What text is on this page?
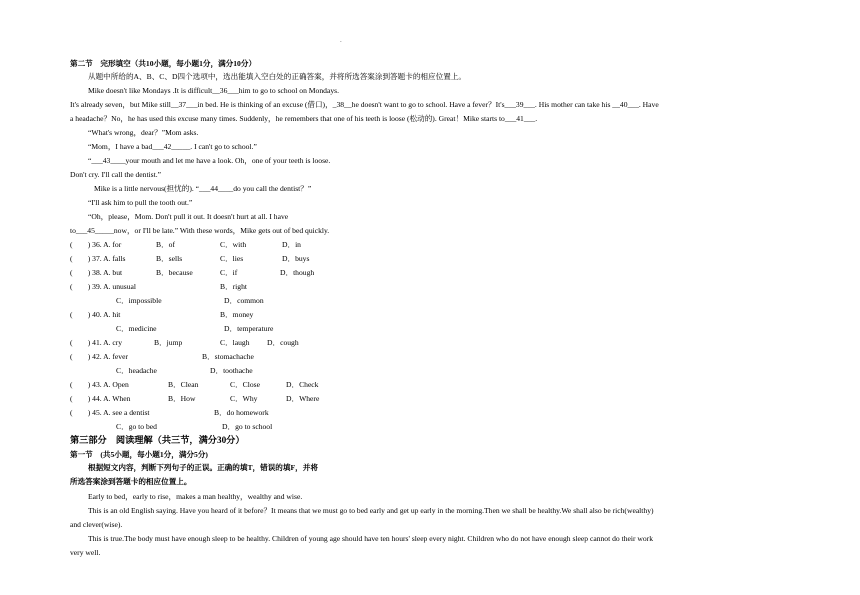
.
第二节　完形填空（共10小题，每小题1分，满分10分）
从题中所给的A、B、C、D四个选项中，选出能填入空白处的正确答案，并将所选答案涂到答题卡的相应位置上。
Mike doesn't like Mondays .It is difficult__36___him to go to school on Mondays.
It's already seven，but Mike still__37___in bed. He is thinking of an excuse (借口)，_38__he doesn't want to go to school. Have a fever？It's___39___. His mother can take his __40___. Have
a headache？No，he has used this excuse many times. Suddenly，he remembers that one of his teeth is loose (松动的). Great！Mike starts to___41___.
“What's wrong，dear？”Mom asks.
“Mom，I have a bad___42_____. I can't go to school.”
“___43____your mouth and let me have a look. Oh，one of your teeth is loose.
Don't cry. I'll call the dentist.”
Mike is a little nervous(担忧的). “___44____do you call the dentist？”
“I'll ask him to pull the tooth out.”
“Oh，please，Mom. Don't pull it out. It doesn't hurt at all. I have
to___45_____now，or I'll be late.” With these words，Mike gets out of bed quickly.
(　　) 36. A. for	B．of	C．with	D．in
(　　) 37. A. falls	B．sells	C．lies	D．buys
(　　) 38. A. but	B．because	C．if	D．though
(　　) 39. A. unusual	B．right
C．impossible	D．common
(　　) 40. A. hit	B．money
C．medicine	D．temperature
(　　) 41. A. cry	B．jump	C．laugh D．cough
(　　) 42. A. fever	B．stomachache
C．headache	D．toothache
(　　) 43. A. Open	B．Clean	C．Close	D．Check
(　　) 44. A. When	B．How	C．Why	D．Where
(　　) 45. A. see a dentist	B．do homework
C．go to bed	D．go to school
第三部分　阅读理解（共三节，满分30分）
第一节　(共5小题，每小题1分，满分5分)
根据短文内容，判断下列句子的正误。正确的填T，错误的填F，并将
所选答案涂到答题卡的相应位置上。
Early to bed，early to rise，makes a man healthy，wealthy and wise.
This is an old English saying. Have you heard of it before？It means that we must go to bed early and get up early in the morning.Then we shall be healthy.We shall also be rich(wealthy)
and clever(wise).
This is true.The body must have enough sleep to be healthy. Children of young age should have ten hours' sleep every night. Children who do not have enough sleep cannot do their work
very well.
